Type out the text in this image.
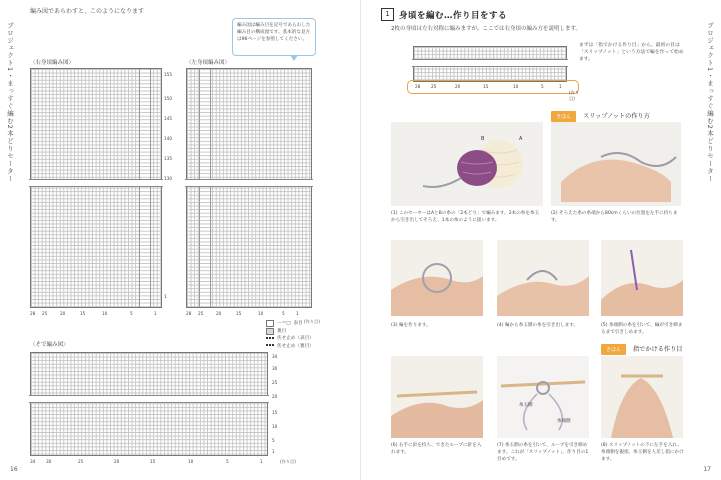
プロジェクト1・まっすぐ編む2本どりセーター
編み図であらわすと、このようになります
編み図は編み目を記号であらわした編み目の構成図です。基本的な見方は96ページを参照してください。
〈右身頃編み図〉
155
150
145
140
135
130
1
28 25	20	15	10	5	1
〈左身頃編み図〉
28 25	20	15	10	5	1
(作り目)
ー＝□ 表目
裏目
伏せ止め（表目）
伏せ止め（裏目）
〈そで編み図〉
34
30
25
20
15
10
5
1
34	30	25	20	15	10	5	1	(作り目)
16
プロジェクト1・まっすぐ編む2本どりセーター
1	身頃を編む…作り目をする
2枚の身頃は左右対称に編みますが、ここでは右身頃の編み方を説明します。
28	25	20	15	10	5	1
(作り目)
まずは「指でかける作り目」から。最初の目は「スリップノット」という方法で輪を作って始めます。
きほん	スリップノットの作り方
B	A
(1) このセーターはAとBの糸の「2本どり」で編みます。2本の糸を糸玉から引き出してそろえ、1本の糸のように扱います。
(2) そろえた糸の糸端から80cmくらいの位置を左手に持ちます。
(3) 輪を作ります。	(4) 輪から糸玉側の糸を引き出します。	(5) 糸端側の糸を引いて、輪が引き締まるまで引きしめます。
きほん	指でかける作り目
(6) 右手に針を持ち、できたループに針を入れます。
糸玉側
糸端側
(7) 糸玉側の糸を引いて、ループを引き締めます。これが「スリップノット」。作り目の1目めです。
(8) スリップノットの下に左手を入れ、糸端側を親指、糸玉側を人差し指にかけます。
17
